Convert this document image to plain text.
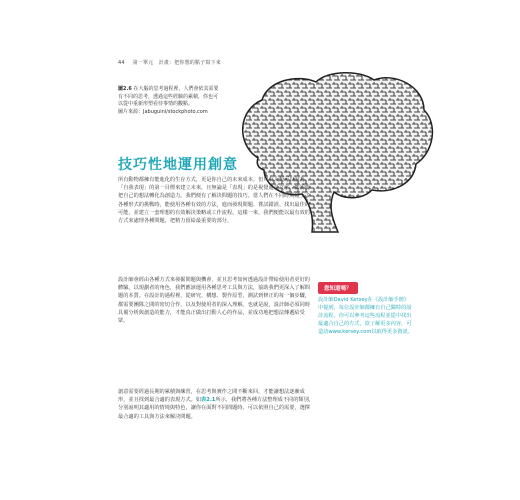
44 第一單元　計畫：把你想的點子寫下來
圖2.6 在大腦的思考過程裡，人們會依其需要有不同的思考，透過這些經驗的累積，你也可以從中重新形塑看待事情的觀點。
圖片來源：Jabuguini/stockphoto.com
技巧性地運用創意
所有動物都擁有能進化的生存方式，更是你自己的未來成本。但只有人類可以說為「自我表現」的第一目標來建立未來，且無論是「表現」的是視覺還是文字，都需要把自己的想法轉化為創造力。我們便有了解決問題的技巧。當人們在不同時期碰上了各種形式的挑戰時，能使用各種有效的方法，進而發現問題、嘗試錯誤、找出最佳的可能，並建立一套理想的有效解決策略或工作流程。這樣一來，我們便能以最有效的方式來處理各種問題，把精力留給最重要的部分。
設計師會經由各種方式來發掘問題與機會，並且思考如何透過設計帶給使用者更好的體驗。以規劃者的角色，我們應該運用各種思考工具與方法，協助我們更深入了解問題的本質。在設計的過程裡，從研究、構想、製作原型、測試到修正的每一個步驟，都需要團隊之間的密切合作，以及對使用者的深入理解。也就是說，設計師必須同時具備分析與創造的能力，才能真正做出打動人心的作品，並成功地把想法傳遞給受眾。
創意需要經過長期的累積與練習，在思考與實作之間不斷來回，才能讓想法逐漸成形，並且找到最合適的表現方式。如表2.1所示，我們將各種方法整理成不同的類別，分別說明其適用的情境與特色，讓你在面對不同問題時，可以依照自己的需要，選擇最合適的工具與方法來解決問題。
您知道嗎？
設計師David Kersey在《設計師手冊》中提到，每位設計師都擁有自己獨特的設計流程。你可以參考這些流程並從中找出最適合自己的方式，欲了解更多內容，可造訪www.kersey.com以取得更多資訊。
